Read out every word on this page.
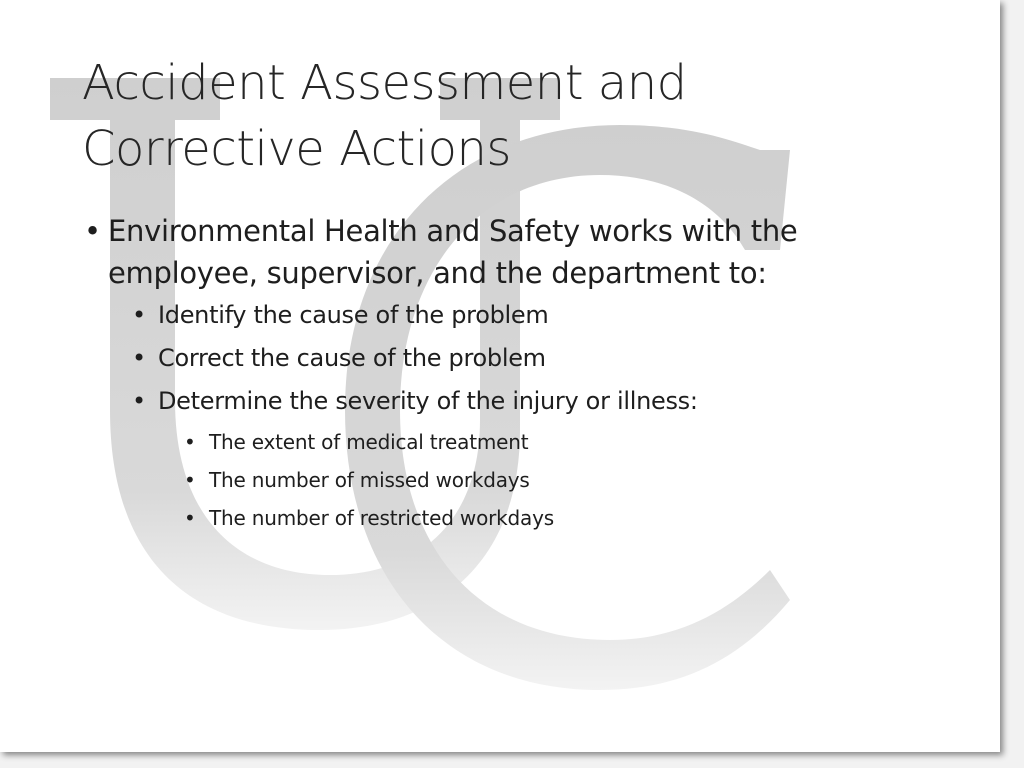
Accident Assessment and
Corrective Actions
• Environmental Health and Safety works with the
employee, supervisor, and the department to:
• Identify the cause of the problem
• Correct the cause of the problem
• Determine the severity of the injury or illness:
• The extent of medical treatment
• The number of missed workdays
• The number of restricted workdays
